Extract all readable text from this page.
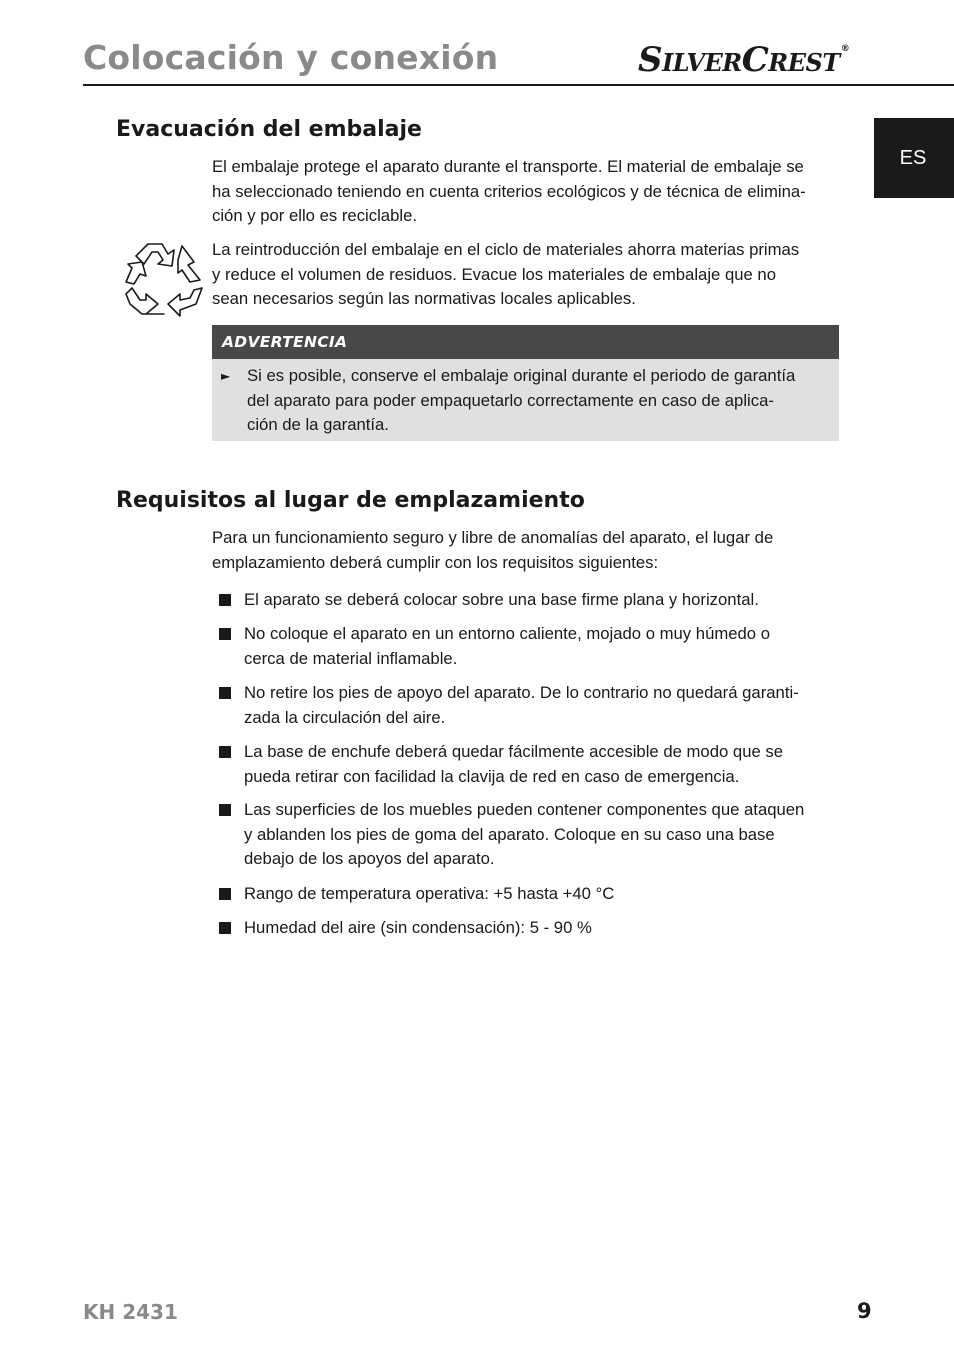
Colocación y conexión	SILVERCREST®
ES
Evacuación del embalaje

El embalaje protege el aparato durante el transporte. El material de embalaje se
ha seleccionado teniendo en cuenta criterios ecológicos y de técnica de elimina-
ción y por ello es reciclable.

La reintroducción del embalaje en el ciclo de materiales ahorra materias primas
y reduce el volumen de residuos. Evacue los materiales de embalaje que no
sean necesarios según las normativas locales aplicables.

ADVERTENCIA
► Si es posible, conserve el embalaje original durante el periodo de garantía
del aparato para poder empaquetarlo correctamente en caso de aplica-
ción de la garantía.

Requisitos al lugar de emplazamiento

Para un funcionamiento seguro y libre de anomalías del aparato, el lugar de
emplazamiento deberá cumplir con los requisitos siguientes:

El aparato se deberá colocar sobre una base firme plana y horizontal.

No coloque el aparato en un entorno caliente, mojado o muy húmedo o
cerca de material inflamable.

No retire los pies de apoyo del aparato. De lo contrario no quedará garanti-
zada la circulación del aire.

La base de enchufe deberá quedar fácilmente accesible de modo que se
pueda retirar con facilidad la clavija de red en caso de emergencia.

Las superficies de los muebles pueden contener componentes que ataquen
y ablanden los pies de goma del aparato. Coloque en su caso una base
debajo de los apoyos del aparato.

Rango de temperatura operativa: +5 hasta +40 °C

Humedad del aire (sin condensación): 5 - 90 %

KH 2431	9
